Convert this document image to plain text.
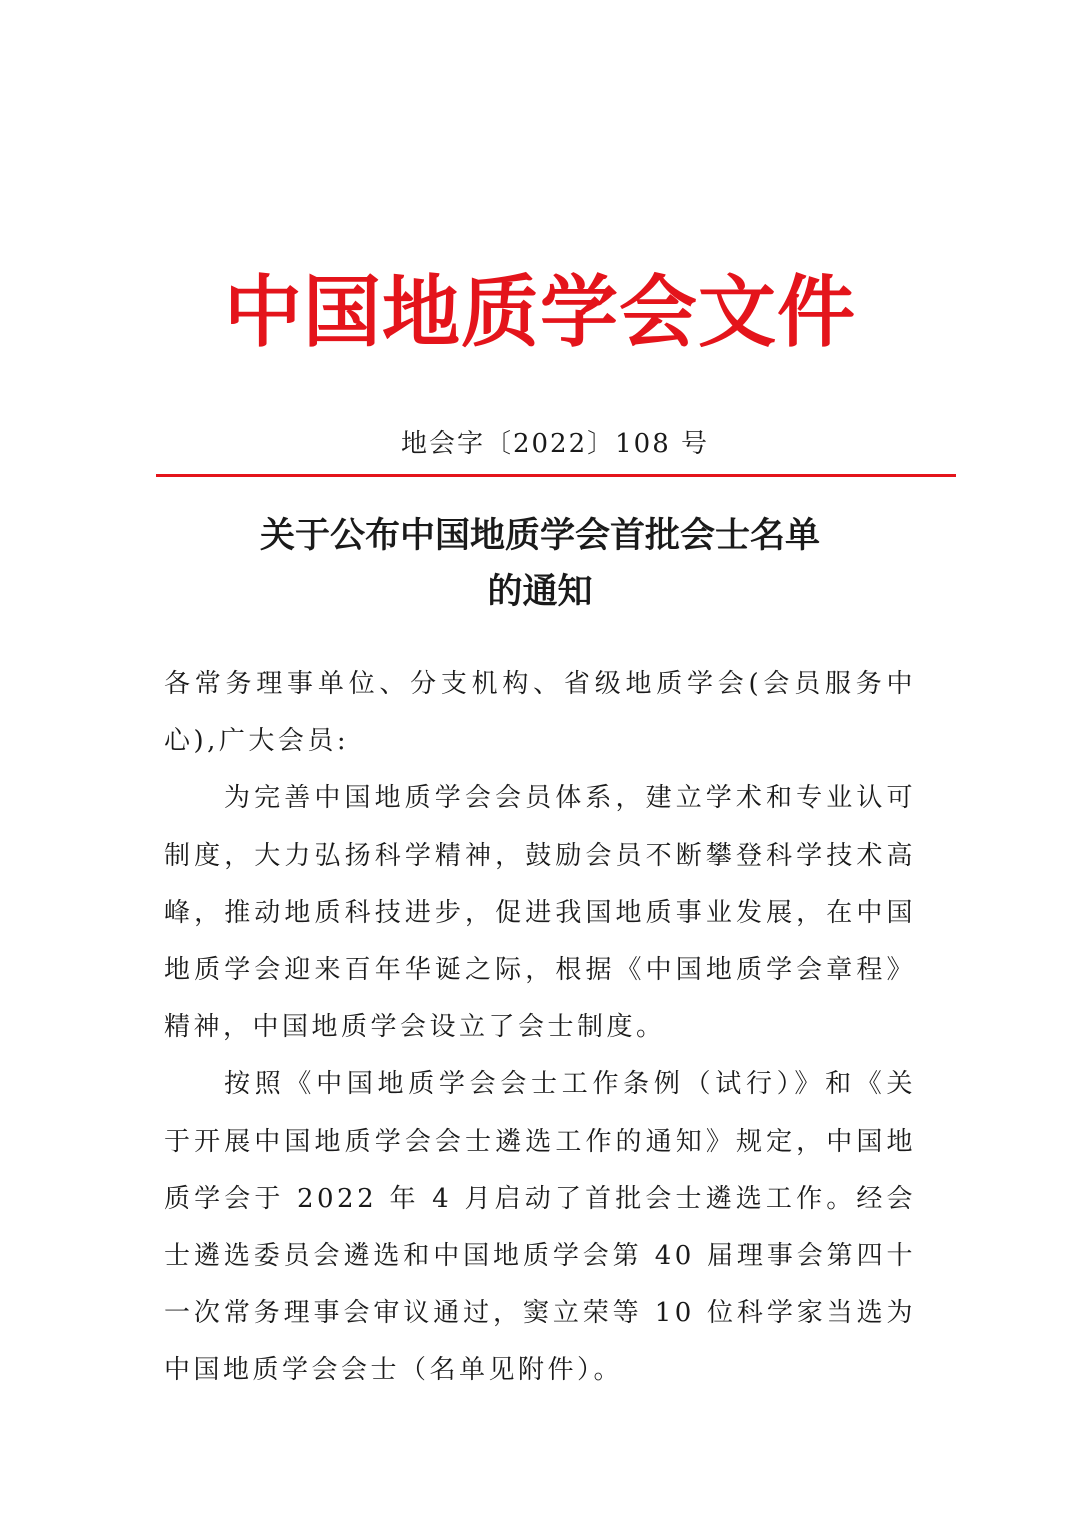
中国地质学会文件
地会字〔2022〕108 号
关于公布中国地质学会首批会士名单
的通知

各常务理事单位、分支机构、省级地质学会(会员服务中心),广大会员:

为完善中国地质学会会员体系，建立学术和专业认可制度，大力弘扬科学精神，鼓励会员不断攀登科学技术高峰，推动地质科技进步，促进我国地质事业发展，在中国地质学会迎来百年华诞之际，根据《中国地质学会章程》精神，中国地质学会设立了会士制度。

按照《中国地质学会会士工作条例（试行）》和《关于开展中国地质学会会士遴选工作的通知》规定，中国地质学会于 2022 年 4 月启动了首批会士遴选工作。经会士遴选委员会遴选和中国地质学会第 40 届理事会第四十一次常务理事会审议通过，窦立荣等 10 位科学家当选为中国地质学会会士（名单见附件）。
